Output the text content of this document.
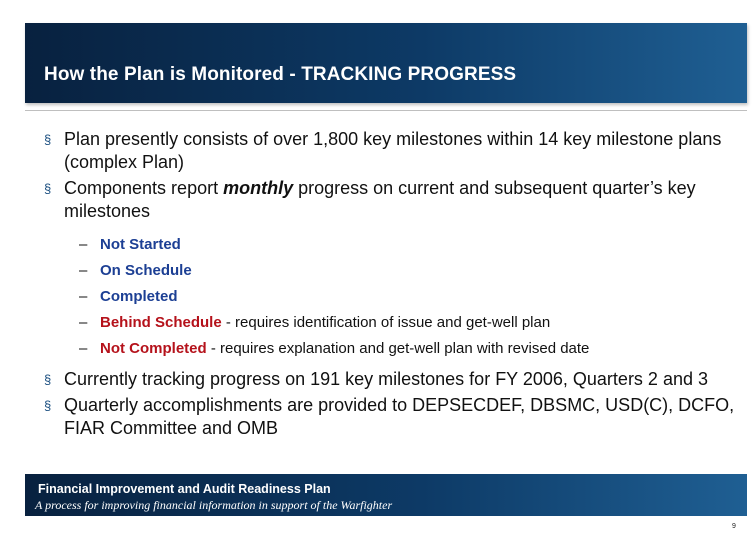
How the Plan is Monitored - TRACKING PROGRESS
§ Plan presently consists of over 1,800 key milestones within 14 key milestone plans (complex Plan)
§ Components report monthly progress on current and subsequent quarter’s key milestones
– Not Started
– On Schedule
– Completed
– Behind Schedule - requires identification of issue and get-well plan
– Not Completed - requires explanation and get-well plan with revised date
§ Currently tracking progress on 191 key milestones for FY 2006, Quarters 2 and 3
§ Quarterly accomplishments are provided to DEPSECDEF, DBSMC, USD(C), DCFO, FIAR Committee and OMB
Financial Improvement and Audit Readiness Plan
A process for improving financial information in support of the Warfighter
9
